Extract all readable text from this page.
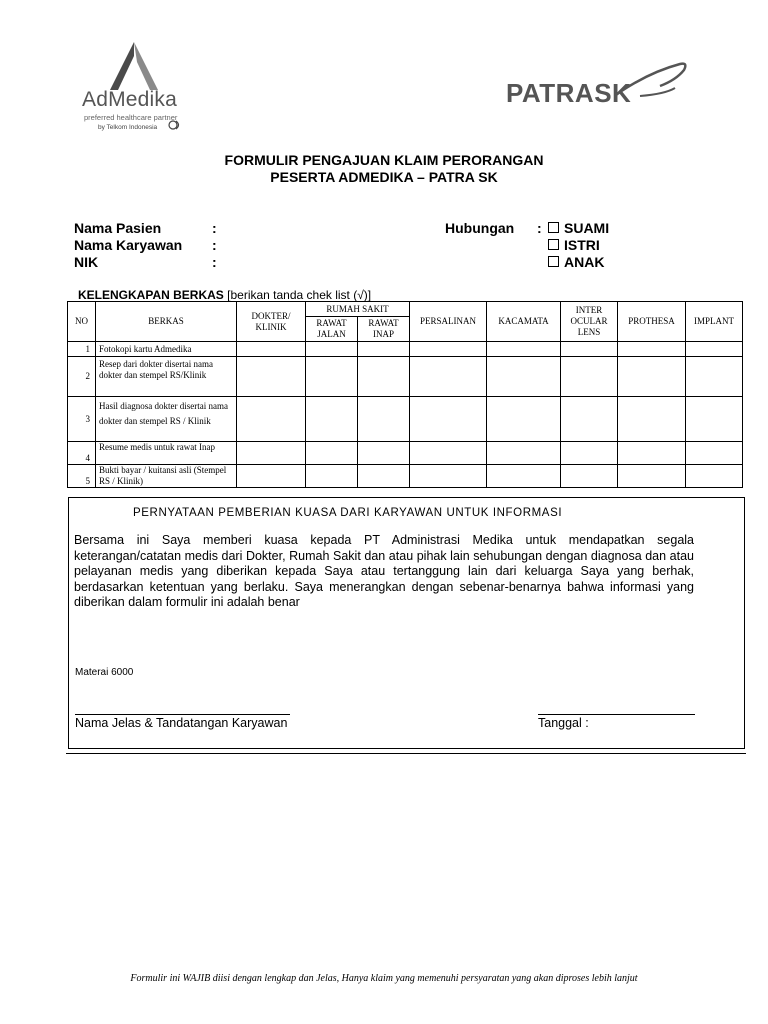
AdMedika
preferred healthcare partner
by Telkom Indonesia
PATRASK
FORMULIR PENGAJUAN KLAIM PERORANGAN
PESERTA ADMEDIKA – PATRA SK
Nama Pasien	:
Nama Karyawan :
NIK	:
Hubungan :	SUAMI
ISTRI
ANAK
KELENGKAPAN BERKAS [berikan tanda chek list (√)]
NO	BERKAS	DOKTER/ KLINIK	RUMAH SAKIT		PERSALINAN	KACAMATA	INTER OCULAR LENS	PROTHESA	IMPLANT
			RAWAT JALAN	RAWAT INAP					
1	Fotokopi kartu Admedika								
2	Resep dari dokter disertai nama dokter dan stempel RS/Klinik								
3	Hasil diagnosa dokter disertai nama dokter dan stempel RS / Klinik								
4	Resume medis untuk rawat Inap								
5	Bukti bayar / kuitansi asli (Stempel RS / Klinik)								
PERNYATAAN PEMBERIAN KUASA DARI KARYAWAN UNTUK INFORMASI
Bersama ini Saya memberi kuasa kepada PT Administrasi Medika untuk mendapatkan segala keterangan/catatan medis dari Dokter, Rumah Sakit dan atau pihak lain sehubungan dengan diagnosa dan atau pelayanan medis yang diberikan kepada Saya atau tertanggung lain dari keluarga Saya yang berhak, berdasarkan ketentuan yang berlaku. Saya menerangkan dengan sebenar-benarnya bahwa informasi yang diberikan dalam formulir ini adalah benar
Materai 6000
Nama Jelas & Tandatangan Karyawan	Tanggal :
Formulir ini WAJIB diisi dengan lengkap dan Jelas, Hanya klaim yang memenuhi persyaratan yang akan diproses lebih lanjut
